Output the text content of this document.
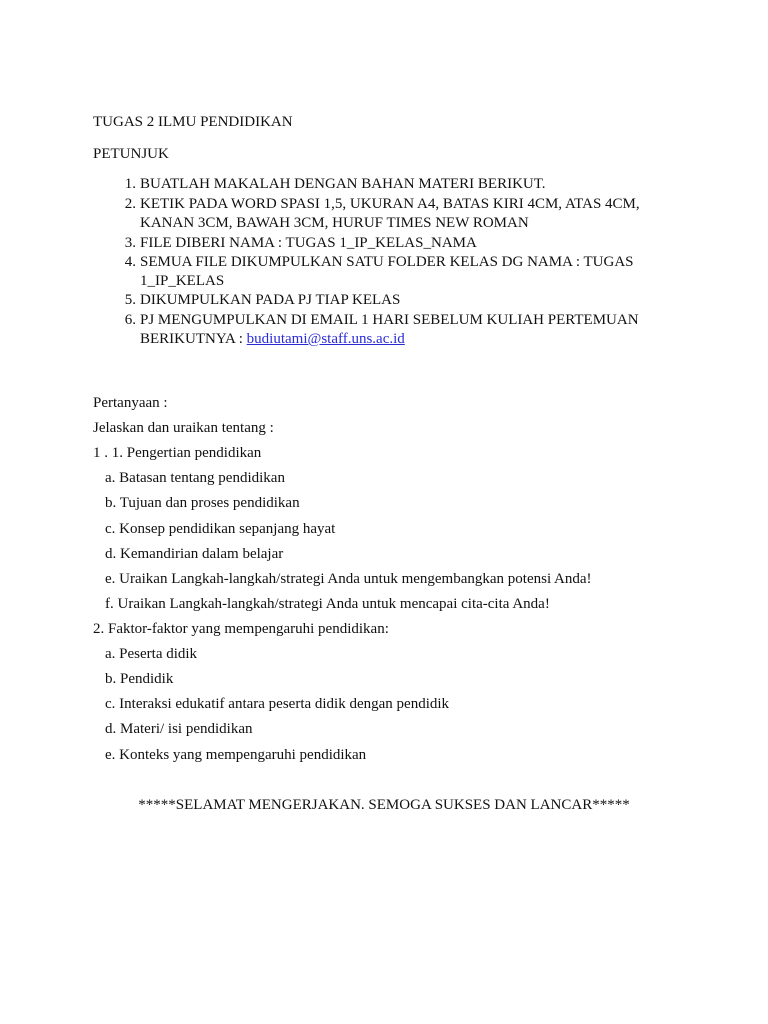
TUGAS 2 ILMU PENDIDIKAN
PETUNJUK
1. BUATLAH MAKALAH DENGAN BAHAN MATERI BERIKUT.
2. KETIK PADA WORD SPASI 1,5, UKURAN A4, BATAS KIRI 4CM, ATAS 4CM,
KANAN 3CM, BAWAH 3CM, HURUF TIMES NEW ROMAN
3. FILE DIBERI NAMA : TUGAS 1_IP_KELAS_NAMA
4. SEMUA FILE DIKUMPULKAN SATU FOLDER KELAS DG NAMA : TUGAS
1_IP_KELAS
5. DIKUMPULKAN PADA PJ TIAP KELAS
6. PJ MENGUMPULKAN DI EMAIL 1 HARI SEBELUM KULIAH PERTEMUAN
BERIKUTNYA : budiutami@staff.uns.ac.id
Pertanyaan :
Jelaskan dan uraikan tentang :
1 . 1. Pengertian pendidikan
a. Batasan tentang pendidikan
b. Tujuan dan proses pendidikan
c. Konsep pendidikan sepanjang hayat
d. Kemandirian dalam belajar
e. Uraikan Langkah-langkah/strategi Anda untuk mengembangkan potensi Anda!
f. Uraikan Langkah-langkah/strategi Anda untuk mencapai cita-cita Anda!
2. Faktor-faktor yang mempengaruhi pendidikan:
a. Peserta didik
b. Pendidik
c. Interaksi edukatif antara peserta didik dengan pendidik
d. Materi/ isi pendidikan
e. Konteks yang mempengaruhi pendidikan
*****SELAMAT MENGERJAKAN. SEMOGA SUKSES DAN LANCAR*****
